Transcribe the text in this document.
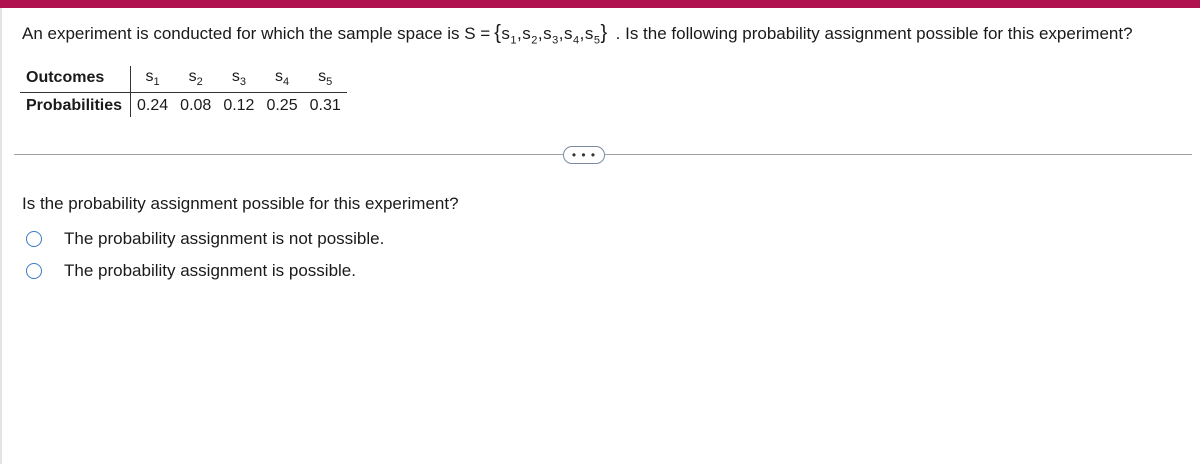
An experiment is conducted for which the sample space is $S = \{s_1,s_2,s_3,s_4,s_5\}$ . Is the following probability assignment possible for this experiment?
Outcomes	$s_1$	$s_2$	$s_3$	$s_4$	$s_5$
Probabilities	0.24	0.08	0.12	0.25	0.31
• • •
Is the probability assignment possible for this experiment?
The probability assignment is not possible.
The probability assignment is possible.
